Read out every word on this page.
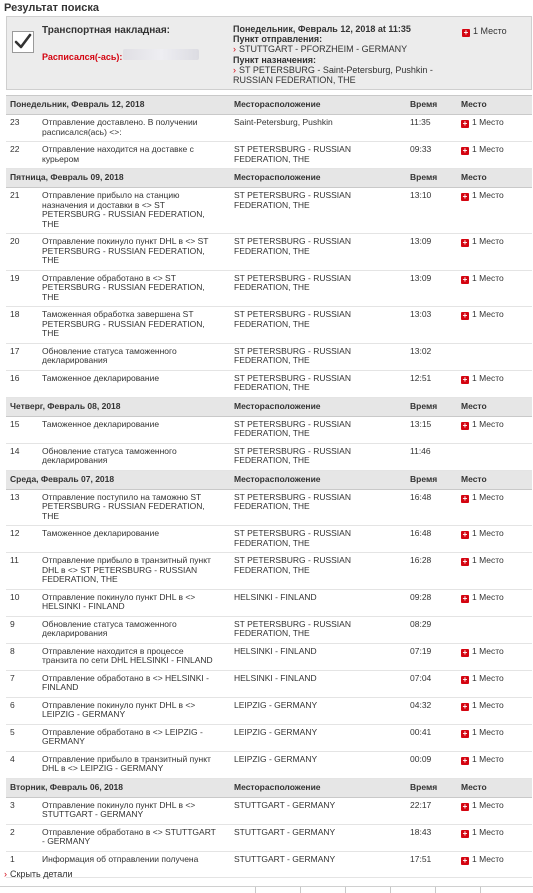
Результат поиска
Транспортная накладная:
Расписался(-ась):
Понедельник, Февраль 12, 2018 at 11:35
Пункт отправления:
› STUTTGART - PFORZHEIM - GERMANY
Пункт назначения:
› ST PETERSBURG - Saint-Petersburg, Pushkin -
RUSSIAN FEDERATION, THE
+ 1 Место
Понедельник, Февраль 12, 2018	Месторасположение	Время	Место

23 Отправление доставлено. В получении
расписался(ась) <>:	Saint-Petersburg, Pushkin	11:35	+ 1 Место

22 Отправление находится на доставке с
курьером	ST PETERSBURG - RUSSIAN
FEDERATION, THE	09:33	+ 1 Место
Пятница, Февраль 09, 2018	Месторасположение	Время	Место

21 Отправление прибыло на станцию
назначения и доставки в <> ST
PETERSBURG - RUSSIAN FEDERATION,
THE	ST PETERSBURG - RUSSIAN
FEDERATION, THE	13:10	+ 1 Место

20 Отправление покинуло пункт DHL в <> ST
PETERSBURG - RUSSIAN FEDERATION,
THE	ST PETERSBURG - RUSSIAN
FEDERATION, THE	13:09	+ 1 Место

19 Отправление обработано в <> ST
PETERSBURG - RUSSIAN FEDERATION,
THE	ST PETERSBURG - RUSSIAN
FEDERATION, THE	13:09	+ 1 Место

18 Таможенная обработка завершена ST
PETERSBURG - RUSSIAN FEDERATION,
THE	ST PETERSBURG - RUSSIAN
FEDERATION, THE	13:03	+ 1 Место

17 Обновление статуса таможенного
декларирования	ST PETERSBURG - RUSSIAN
FEDERATION, THE	13:02	

16 Таможенное декларирование	ST PETERSBURG - RUSSIAN
FEDERATION, THE	12:51	+ 1 Место
Четверг, Февраль 08, 2018	Месторасположение	Время	Место

15 Таможенное декларирование	ST PETERSBURG - RUSSIAN
FEDERATION, THE	13:15	+ 1 Место

14 Обновление статуса таможенного
декларирования	ST PETERSBURG - RUSSIAN
FEDERATION, THE	11:46	
Среда, Февраль 07, 2018	Месторасположение	Время	Место

13 Отправление поступило на таможню ST
PETERSBURG - RUSSIAN FEDERATION,
THE	ST PETERSBURG - RUSSIAN
FEDERATION, THE	16:48	+ 1 Место

12 Таможенное декларирование	ST PETERSBURG - RUSSIAN
FEDERATION, THE	16:48	+ 1 Место

11 Отправление прибыло в транзитный пункт
DHL в <> ST PETERSBURG - RUSSIAN
FEDERATION, THE	ST PETERSBURG - RUSSIAN
FEDERATION, THE	16:28	+ 1 Место

10 Отправление покинуло пункт DHL в <>
HELSINKI - FINLAND	HELSINKI - FINLAND	09:28	+ 1 Место

9 Обновление статуса таможенного
декларирования	ST PETERSBURG - RUSSIAN
FEDERATION, THE	08:29	

8 Отправление находится в процессе
транзита по сети DHL HELSINKI - FINLAND	HELSINKI - FINLAND	07:19	+ 1 Место

7 Отправление обработано в <> HELSINKI -
FINLAND	HELSINKI - FINLAND	07:04	+ 1 Место

6 Отправление покинуло пункт DHL в <>
LEIPZIG - GERMANY	LEIPZIG - GERMANY	04:32	+ 1 Место

5 Отправление обработано в <> LEIPZIG -
GERMANY	LEIPZIG - GERMANY	00:41	+ 1 Место

4 Отправление прибыло в транзитный пункт
DHL в <> LEIPZIG - GERMANY	LEIPZIG - GERMANY	00:09	+ 1 Место
Вторник, Февраль 06, 2018	Месторасположение	Время	Место

3 Отправление покинуло пункт DHL в <>
STUTTGART - GERMANY	STUTTGART - GERMANY	22:17	+ 1 Место

2 Отправление обработано в <> STUTTGART
- GERMANY	STUTTGART - GERMANY	18:43	+ 1 Место

1 Информация об отправлении получена	STUTTGART - GERMANY	17:51	+ 1 Место
› Скрыть детали
